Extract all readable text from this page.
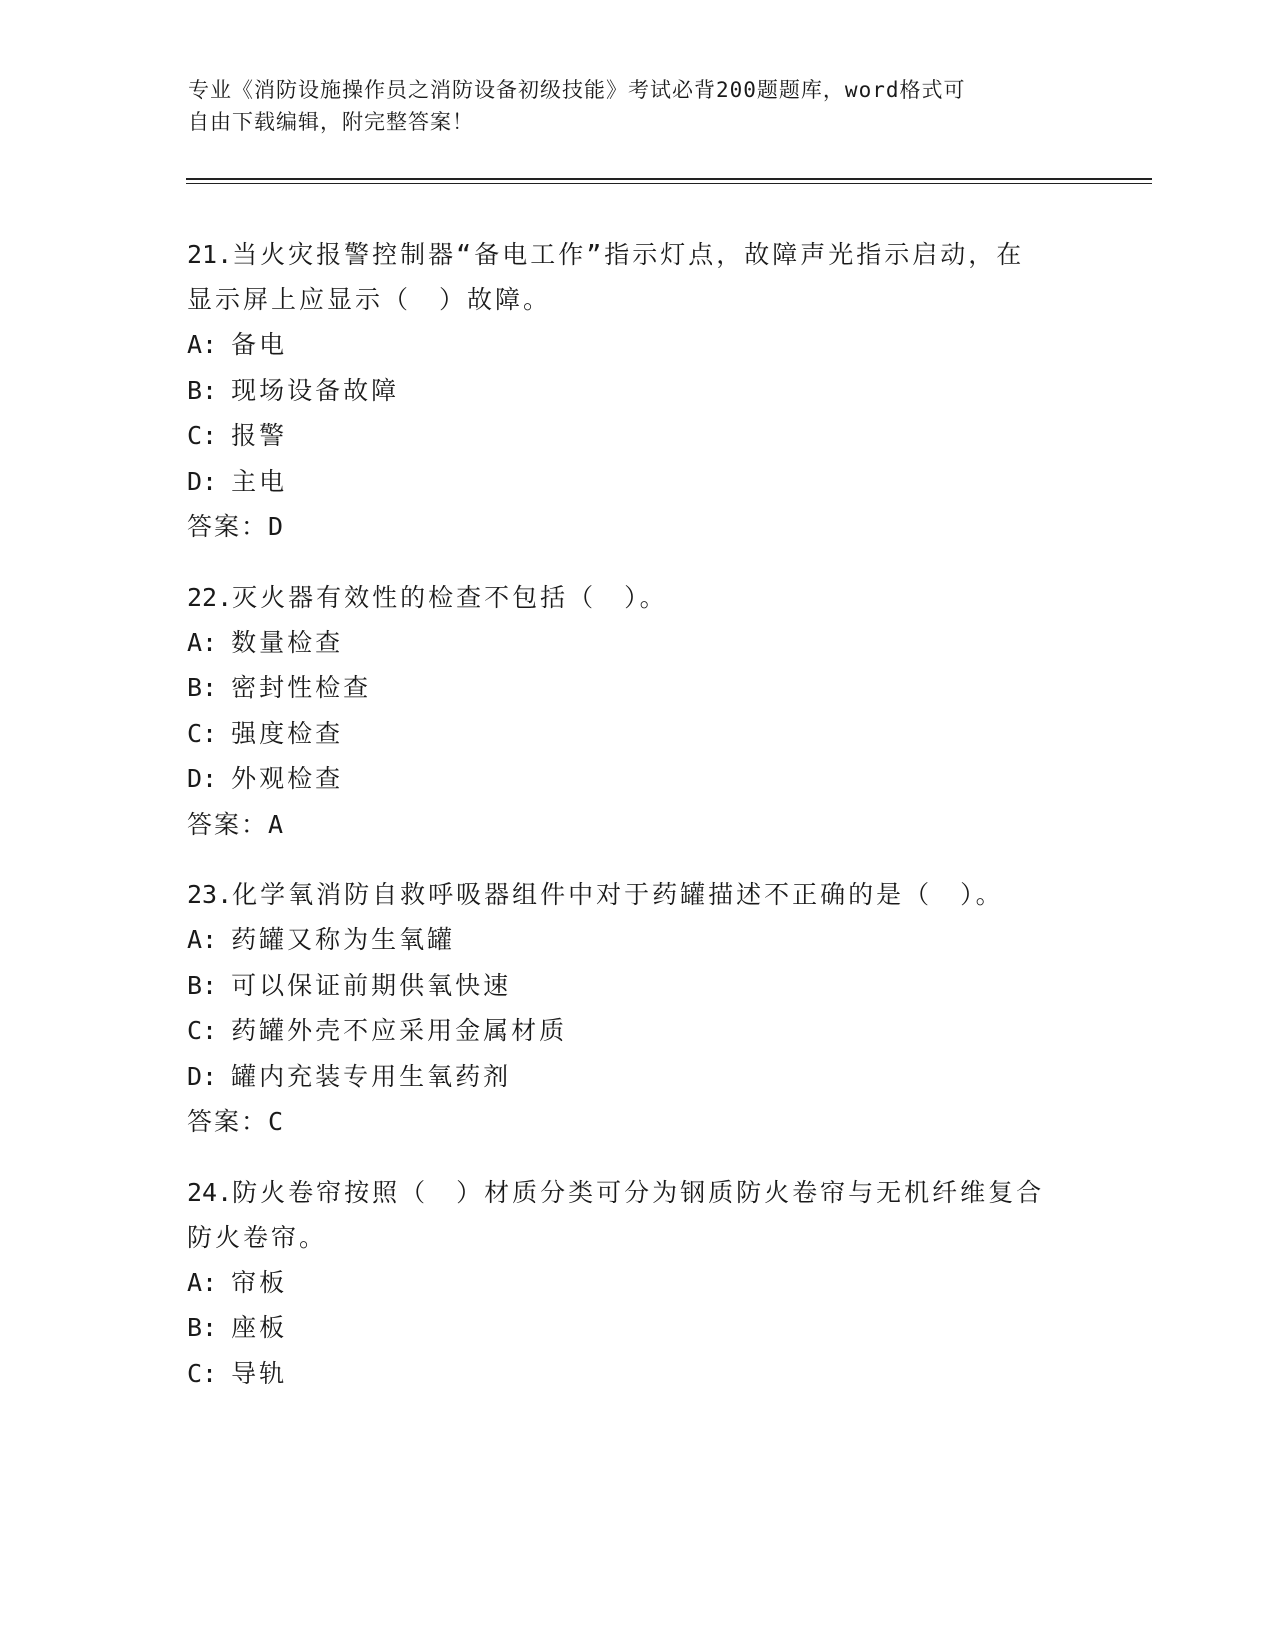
专业《消防设施操作员之消防设备初级技能》考试必背200题题库，word格式可
自由下载编辑，附完整答案！
21.当火灾报警控制器“备电工作”指示灯点，故障声光指示启动，在
显示屏上应显示（　）故障。
A: 备电
B: 现场设备故障
C: 报警
D: 主电
答案：D
22.灭火器有效性的检查不包括（　）。
A: 数量检查
B: 密封性检查
C: 强度检查
D: 外观检查
答案：A
23.化学氧消防自救呼吸器组件中对于药罐描述不正确的是（　）。
A: 药罐又称为生氧罐
B: 可以保证前期供氧快速
C: 药罐外壳不应采用金属材质
D: 罐内充装专用生氧药剂
答案：C
24.防火卷帘按照（　）材质分类可分为钢质防火卷帘与无机纤维复合
防火卷帘。
A: 帘板
B: 座板
C: 导轨
